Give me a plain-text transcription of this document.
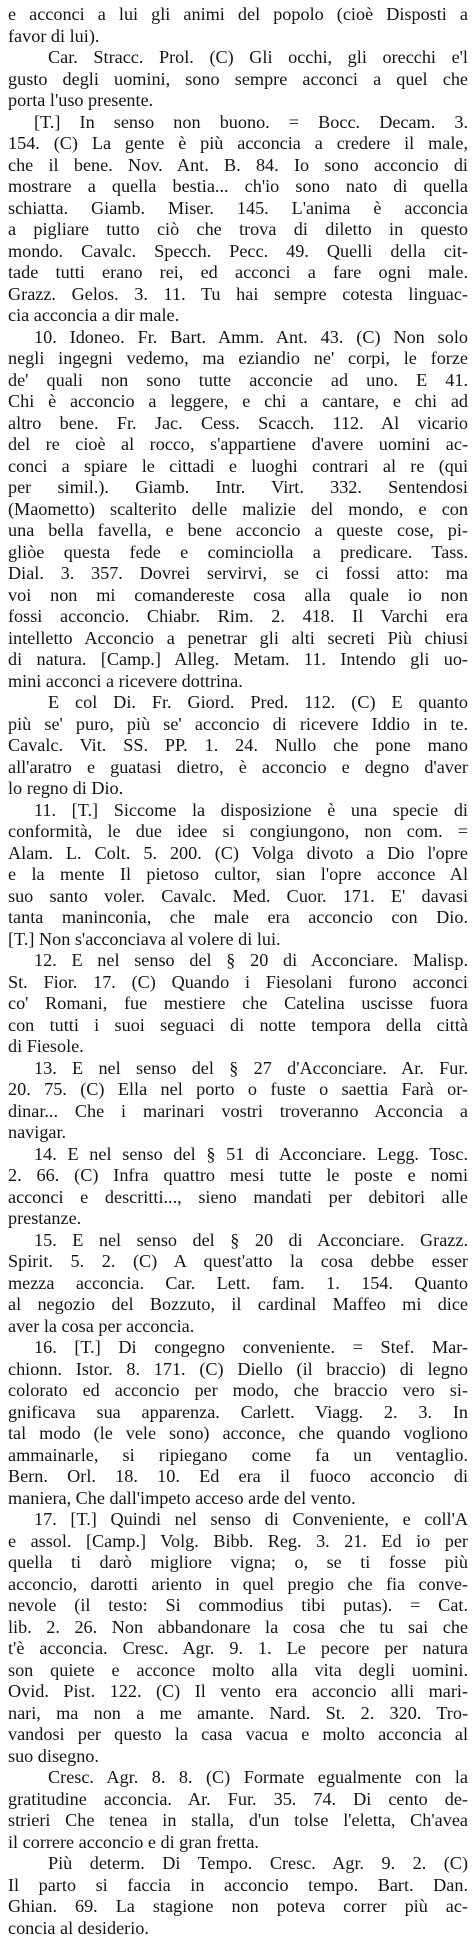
e acconci a lui gli animi del popolo (cioè Disposti a
favor di lui).
Car. Stracc. Prol. (C) Gli occhi, gli orecchi e'l
gusto degli uomini, sono sempre acconci a quel che
porta l'uso presente.
[T.] In senso non buono. = Bocc. Decam. 3.
154. (C) La gente è più acconcia a credere il male,
che il bene. Nov. Ant. B. 84. Io sono acconcio di
mostrare a quella bestia... ch'io sono nato di quella
schiatta. Giamb. Miser. 145. L'anima è acconcia
a pigliare tutto ciò che trova di diletto in questo
mondo. Cavalc. Specch. Pecc. 49. Quelli della cit-
tade tutti erano rei, ed acconci a fare ogni male.
Grazz. Gelos. 3. 11. Tu hai sempre cotesta linguac-
cia acconcia a dir male.
10. Idoneo. Fr. Bart. Amm. Ant. 43. (C) Non solo
negli ingegni vedemo, ma eziandio ne' corpi, le forze
de' quali non sono tutte acconcie ad uno. E 41.
Chi è acconcio a leggere, e chi a cantare, e chi ad
altro bene. Fr. Jac. Cess. Scacch. 112. Al vicario
del re cioè al rocco, s'appartiene d'avere uomini ac-
conci a spiare le cittadi e luoghi contrari al re (qui
per simil.). Giamb. Intr. Virt. 332. Sentendosi
(Maometto) scalterito delle malizie del mondo, e con
una bella favella, e bene acconcio a queste cose, pi-
gliòe questa fede e cominciolla a predicare. Tass.
Dial. 3. 357. Dovrei servirvi, se ci fossi atto: ma
voi non mi comandereste cosa alla quale io non
fossi acconcio. Chiabr. Rim. 2. 418. Il Varchi era
intelletto Acconcio a penetrar gli alti secreti Più chiusi
di natura. [Camp.] Alleg. Metam. 11. Intendo gli uo-
mini acconci a ricevere dottrina.
E col Di. Fr. Giord. Pred. 112. (C) E quanto
più se' puro, più se' acconcio di ricevere Iddio in te.
Cavalc. Vit. SS. PP. 1. 24. Nullo che pone mano
all'aratro e guatasi dietro, è acconcio e degno d'aver
lo regno di Dio.
11. [T.] Siccome la disposizione è una specie di
conformità, le due idee si congiungono, non com. =
Alam. L. Colt. 5. 200. (C) Volga divoto a Dio l'opre
e la mente Il pietoso cultor, sian l'opre acconce Al
suo santo voler. Cavalc. Med. Cuor. 171. E' davasi
tanta maninconia, che male era acconcio con Dio.
[T.] Non s'acconciava al volere di lui.
12. E nel senso del § 20 di Acconciare. Malisp.
St. Fior. 17. (C) Quando i Fiesolani furono acconci
co' Romani, fue mestiere che Catelina uscisse fuora
con tutti i suoi seguaci di notte tempora della città
di Fiesole.
13. E nel senso del § 27 d'Acconciare. Ar. Fur.
20. 75. (C) Ella nel porto o fuste o saettia Farà or-
dinar... Che i marinari vostri troveranno Acconcia a
navigar.
14. E nel senso del § 51 di Acconciare. Legg. Tosc.
2. 66. (C) Infra quattro mesi tutte le poste e nomi
acconci e descritti..., sieno mandati per debitori alle
prestanze.
15. E nel senso del § 20 di Acconciare. Grazz.
Spirit. 5. 2. (C) A quest'atto la cosa debbe esser
mezza acconcia. Car. Lett. fam. 1. 154. Quanto
al negozio del Bozzuto, il cardinal Maffeo mi dice
aver la cosa per acconcia.
16. [T.] Di congegno conveniente. = Stef. Mar-
chionn. Istor. 8. 171. (C) Diello (il braccio) di legno
colorato ed acconcio per modo, che braccio vero si-
gnificava sua apparenza. Carlett. Viagg. 2. 3. In
tal modo (le vele sono) acconce, che quando vogliono
ammainarle, si ripiegano come fa un ventaglio.
Bern. Orl. 18. 10. Ed era il fuoco acconcio di
maniera, Che dall'impeto acceso arde del vento.
17. [T.] Quindi nel senso di Conveniente, e coll'A
e assol. [Camp.] Volg. Bibb. Reg. 3. 21. Ed io per
quella ti darò migliore vigna; o, se ti fosse più
acconcio, darotti ariento in quel pregio che fia conve-
nevole (il testo: Si commodius tibi putas). = Cat.
lib. 2. 26. Non abbandonare la cosa che tu sai che
t'è acconcia. Cresc. Agr. 9. 1. Le pecore per natura
son quiete e acconce molto alla vita degli uomini.
Ovid. Pist. 122. (C) Il vento era acconcio alli mari-
nari, ma non a me amante. Nard. St. 2. 320. Tro-
vandosi per questo la casa vacua e molto acconcia al
suo disegno.
Cresc. Agr. 8. 8. (C) Formate egualmente con la
gratitudine acconcia. Ar. Fur. 35. 74. Di cento de-
strieri Che tenea in stalla, d'un tolse l'eletta, Ch'avea
il correre acconcio e di gran fretta.
Più determ. Di Tempo. Cresc. Agr. 9. 2. (C)
Il parto si faccia in acconcio tempo. Bart. Dan.
Ghian. 69. La stagione non poteva correr più ac-
concia al desiderio.
